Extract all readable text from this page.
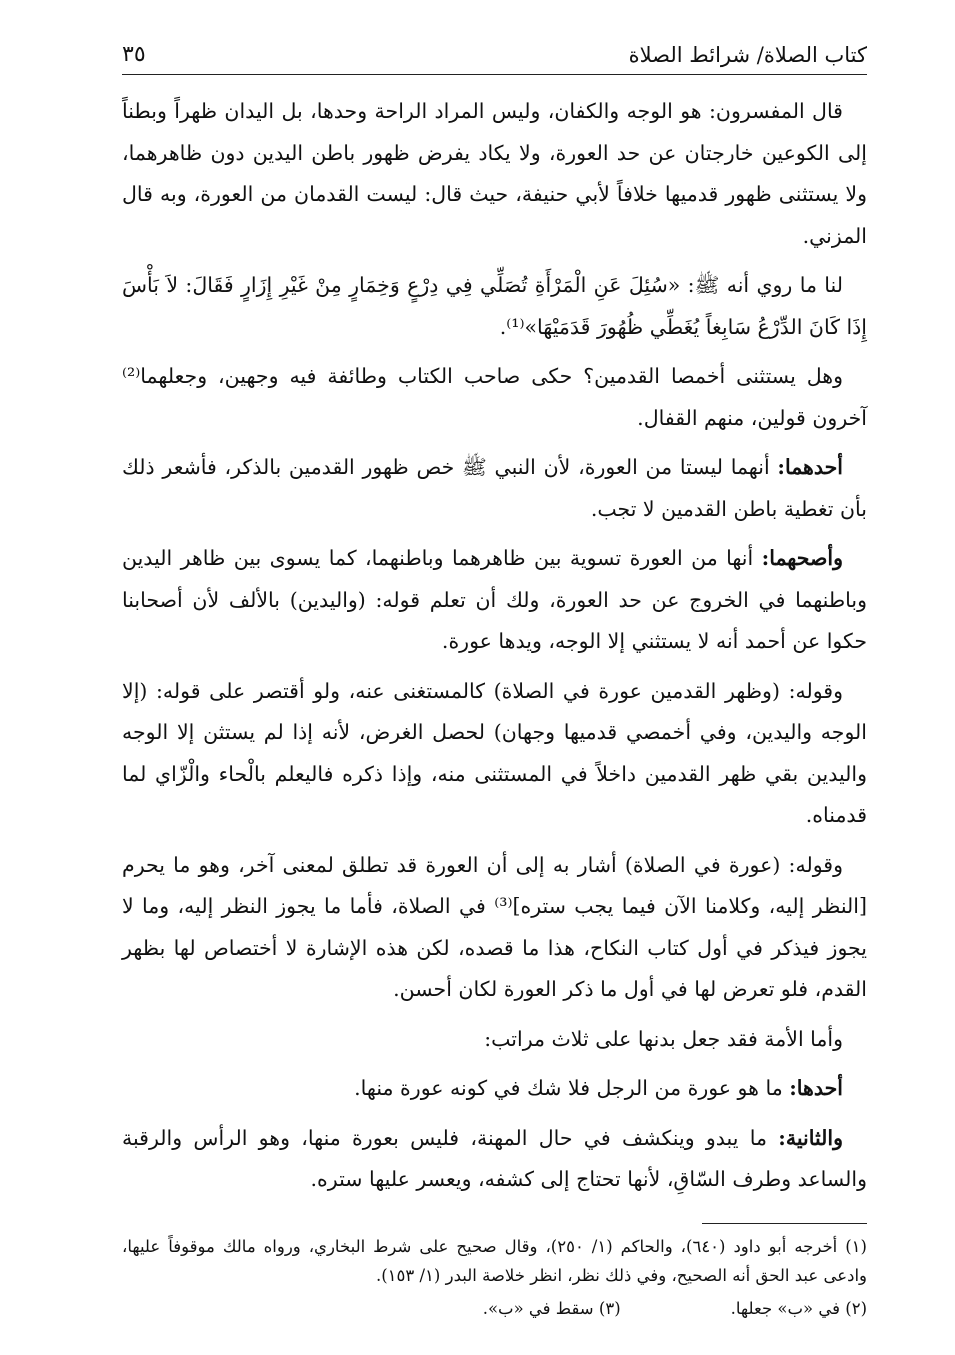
كتاب الصلاة/ شرائط الصلاة
٣٥

قال المفسرون: هو الوجه والكفان، وليس المراد الراحة وحدها، بل اليدان ظهراً وبطناً إلى الكوعين خارجتان عن حد العورة، ولا يكاد يفرض ظهور باطن اليدين دون ظاهرهما، ولا يستثنى ظهور قدميها خلافاً لأبي حنيفة، حيث قال: ليست القدمان من العورة، وبه قال المزني.

لنا ما روي أنه ﷺ: «سُئِلَ عَنِ الْمَرْأَةِ تُصَلِّي فِي دِرْعٍ وَخِمَارٍ مِنْ غَيْرِ إِزَارٍ فَقَالَ: لاَ بَأْسَ إِذَا كَانَ الدِّرْعُ سَابِغاً يُغَطِّي ظُهُورَ قَدَمَيْهَا»⁽¹⁾.

وهل يستثنى أخمصا القدمين؟ حكى صاحب الكتاب وطائفة فيه وجهين، وجعلهما⁽²⁾ آخرون قولين، منهم القفال.

أحدهما: أنهما ليستا من العورة، لأن النبي ﷺ خص ظهور القدمين بالذكر، فأشعر ذلك بأن تغطية باطن القدمين لا تجب.

وأصحهما: أنها من العورة تسوية بين ظاهرهما وباطنهما، كما يسوى بين ظاهر اليدين وباطنهما في الخروج عن حد العورة، ولك أن تعلم قوله: (واليدين) بالألف لأن أصحابنا حكوا عن أحمد أنه لا يستثني إلا الوجه، ويدها عورة.

وقوله: (وظهر القدمين عورة في الصلاة) كالمستغنى عنه، ولو أقتصر على قوله: (إلا الوجه واليدين، وفي أخمصي قدميها وجهان) لحصل الغرض، لأنه إذا لم يستثن إلا الوجه واليدين بقي ظهر القدمين داخلاً في المستثنى منه، وإذا ذكره فاليعلم بالْحاء والْزّاي لما قدمناه.

وقوله: (عورة في الصلاة) أشار به إلى أن العورة قد تطلق لمعنى آخر، وهو ما يحرم [النظر إليه، وكلامنا الآن فيما يجب ستره]⁽³⁾ في الصلاة، فأما ما يجوز النظر إليه، وما لا يجوز فيذكر في أول كتاب النكاح، هذا ما قصده، لكن هذه الإشارة لا أختصاص لها بظهر القدم، فلو تعرض لها في أول ما ذكر العورة لكان أحسن.

وأما الأمة فقد جعل بدنها على ثلاث مراتب:

أحدها: ما هو عورة من الرجل فلا شك في كونه عورة منها.

والثانية: ما يبدو وينكشف في حال المهنة، فليس بعورة منها، وهو الرأس والرقبة والساعد وطرف السّاقِ، لأنها تحتاج إلى كشفه، ويعسر عليها ستره.

(١) أخرجه أبو داود (٦٤٠)، والحاكم (١/ ٢٥٠)، وقال صحيح على شرط البخاري، ورواه مالك موقوفاً عليها، وادعى عبد الحق أنه الصحيح، وفي ذلك نظر، انظر خلاصة البدر (١/ ١٥٣).

(٢) في «ب» جعلها.
(٣) سقط في «ب».
